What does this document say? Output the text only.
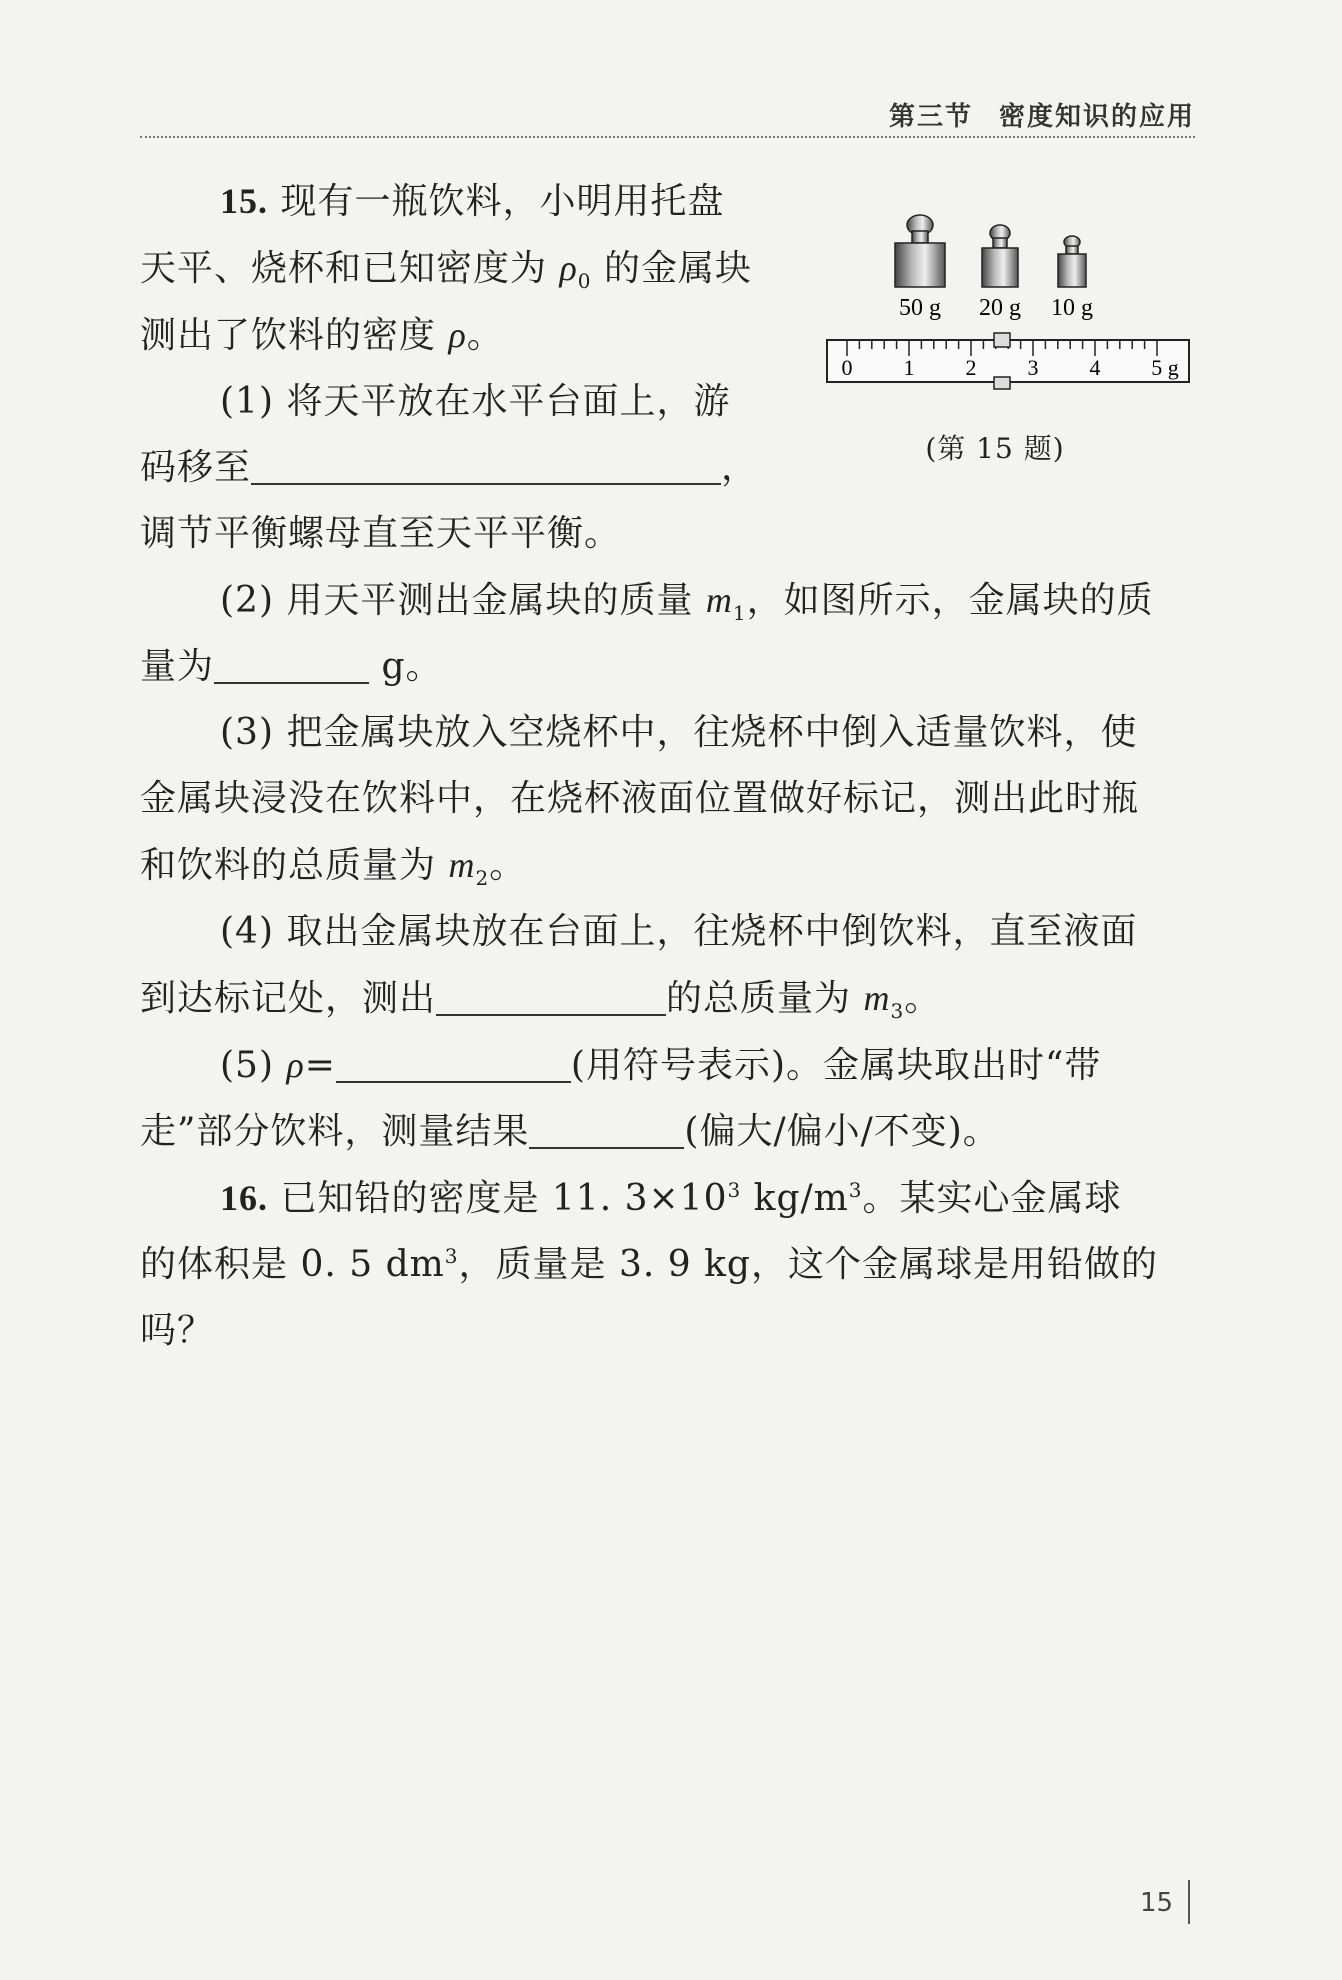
第三节 密度知识的应用

15. 现有一瓶饮料，小明用托盘

天平、烧杯和已知密度为 $\rho_0$ 的金属块

测出了饮料的密度 ρ。

(1) 将天平放在水平台面上，游

码移至	，

调节平衡螺母直至天平平衡。

(2) 用天平测出金属块的质量 $m_1$，如图所示，金属块的质

量为	g。

(3) 把金属块放入空烧杯中，往烧杯中倒入适量饮料，使

金属块浸没在饮料中，在烧杯液面位置做好标记，测出此时瓶

和饮料的总质量为 $m_2$。

(4) 取出金属块放在台面上，往烧杯中倒饮料，直至液面

到达标记处，测出	的总质量为 $m_3$。

(5) ρ=	(用符号表示)。金属块取出时“带

走”部分饮料，测量结果	(偏大/偏小/不变)。

16. 已知铅的密度是 11. $3\times 10^3$ $kg/m^3$。某实心金属球

的体积是 0. 5 $dm^3$，质量是 3. 9 kg，这个金属球是用铅做的吗？

50 g 20 g 10 g
0 1 2 3 4 5 g
(第 15 题)
15
